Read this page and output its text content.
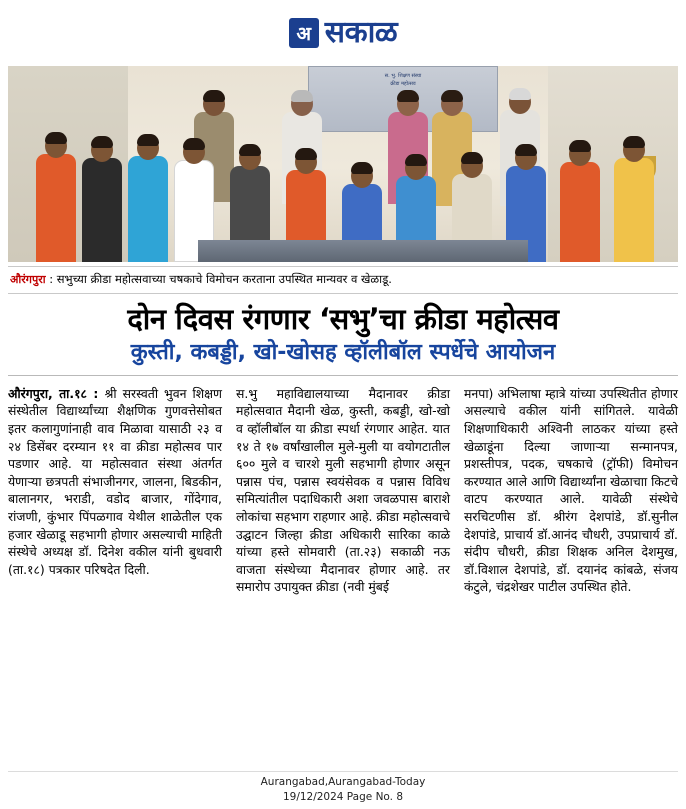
अ सकाळ
स. भु. शिक्षण संस्था
क्रीडा महोत्सव
औरंगपुरा : सभुच्या क्रीडा महोत्सवाच्या चषकाचे विमोचन करताना उपस्थित मान्यवर व खेळाडू.
दोन दिवस रंगणार ‘सभु’चा क्रीडा महोत्सव
कुस्ती, कबड्डी, खो-खोसह व्हॉलीबॉल स्पर्धेचे आयोजन
औरंगपुरा, ता.१८ : श्री सरस्वती भुवन शिक्षण संस्थेतील विद्यार्थ्यांच्या शैक्षणिक गुणवत्तेसोबत इतर कलागुणांनाही वाव मिळावा यासाठी २३ व २४ डिसेंबर दरम्यान ११ वा क्रीडा महोत्सव पार पडणार आहे. या महोत्सवात संस्था अंतर्गत येणाऱ्या छत्रपती संभाजीनगर, जालना, बिडकीन, बालानगर, भराडी, वडोद बाजार, गोंदेगाव, रांजणी, कुंभार पिंपळगाव येथील शाळेतील एक हजार खेळाडू सहभागी होणार असल्याची माहिती संस्थेचे अध्यक्ष डॉ. दिनेश वकील यांनी बुधवारी (ता.१८) पत्रकार परिषदेत दिली.
स.भु महाविद्यालयाच्या मैदानावर क्रीडा महोत्सवात मैदानी खेळ, कुस्ती, कबड्डी, खो-खो व व्हॉलीबॉल या क्रीडा स्पर्धा रंगणार आहेत. यात १४ ते १७ वर्षांखालील मुले-मुली या वयोगटातील ६०० मुले व चारशे मुली सहभागी होणार असून पन्नास पंच, पन्नास स्वयंसेवक व पन्नास विविध समित्यांतील पदाधिकारी अशा जवळपास बाराशे लोकांचा सहभाग राहणार आहे. क्रीडा महोत्सवाचे उद्घाटन जिल्हा क्रीडा अधिकारी सारिका काळे यांच्या हस्ते सोमवारी (ता.२३) सकाळी नऊ वाजता संस्थेच्या मैदानावर होणार आहे. तर समारोप उपायुक्त क्रीडा (नवी मुंबई
मनपा) अभिलाषा म्हात्रे यांच्या उपस्थितीत होणार असल्याचे वकील यांनी सांगितले. यावेळी शिक्षणाधिकारी अश्विनी लाठकर यांच्या हस्ते खेळाडूंना दिल्या जाणाऱ्या सन्मानपत्र, प्रशस्तीपत्र, पदक, चषकाचे (ट्रॉफी) विमोचन करण्यात आले आणि विद्यार्थ्यांना खेळाचाा किटचे वाटप करण्यात आले. यावेळी संस्थेचे सरचिटणीस डॉ. श्रीरंग देशपांडे, डॉ.सुनील देशपांडे, प्राचार्य डॉ.आनंद चौधरी, उपप्राचार्य डॉ. संदीप चौधरी, क्रीडा शिक्षक अनिल देशमुख, डॉ.विशाल देशपांडे, डॉ. दयानंद कांबळे, संजय कंटुले, चंद्रशेखर पाटील उपस्थित होते.
Aurangabad,Aurangabad-Today
19/12/2024 Page No. 8
